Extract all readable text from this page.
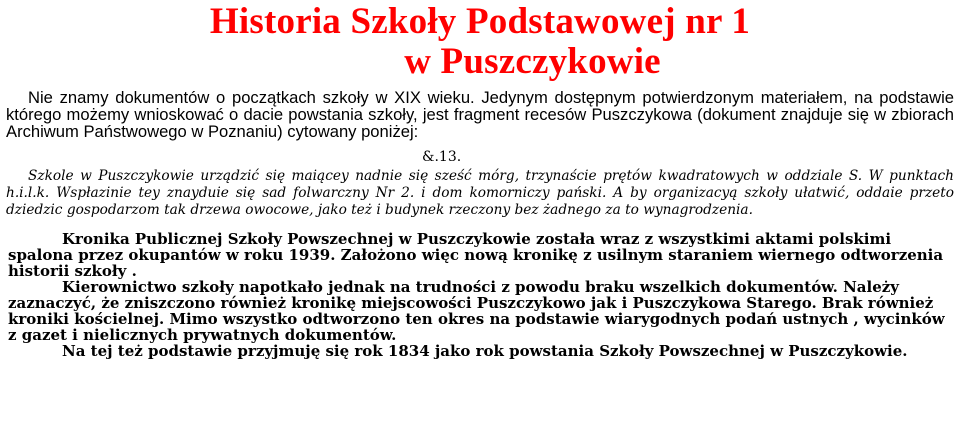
Historia Szkoły Podstawowej nr 1
w Puszczykowie
Nie znamy dokumentów o początkach szkoły w XIX wieku. Jedynym dostępnym potwierdzonym materiałem, na podstawie którego możemy wnioskować o dacie powstania szkoły, jest fragment recesów Puszczykowa (dokument znajduje się w zbiorach Archiwum Państwowego w Poznaniu) cytowany poniżej:
&.13.
Szkole w Puszczykowie urządzić się maiącey nadnie się sześć mórg, trzynaście prętów kwadratowych w oddziale S. W punktach h.i.l.k. Wspłazinie tey znayduie się sad folwarczny Nr 2. i dom komorniczy pański. A by organizacyą szkoły ułatwić, oddaie przeto dziedzic gospodarzom tak drzewa owocowe, jako też i budynek rzeczony bez żadnego za to wynagrodzenia.

Kronika Publicznej Szkoły Powszechnej w Puszczykowie została wraz z wszystkimi aktami polskimi spalona przez okupantów w roku 1939. Założono więc nową kronikę z usilnym staraniem wiernego odtworzenia historii szkoły .

Kierownictwo szkoły napotkało jednak na trudności z powodu braku wszelkich dokumentów. Należy zaznaczyć, że zniszczono również kronikę miejscowości Puszczykowo jak i Puszczykowa Starego. Brak również kroniki kościelnej. Mimo wszystko odtworzono ten okres na podstawie wiarygodnych podań ustnych , wycinków z gazet i nielicznych prywatnych dokumentów.

Na tej też podstawie przyjmuję się rok 1834 jako rok powstania Szkoły Powszechnej w Puszczykowie.
